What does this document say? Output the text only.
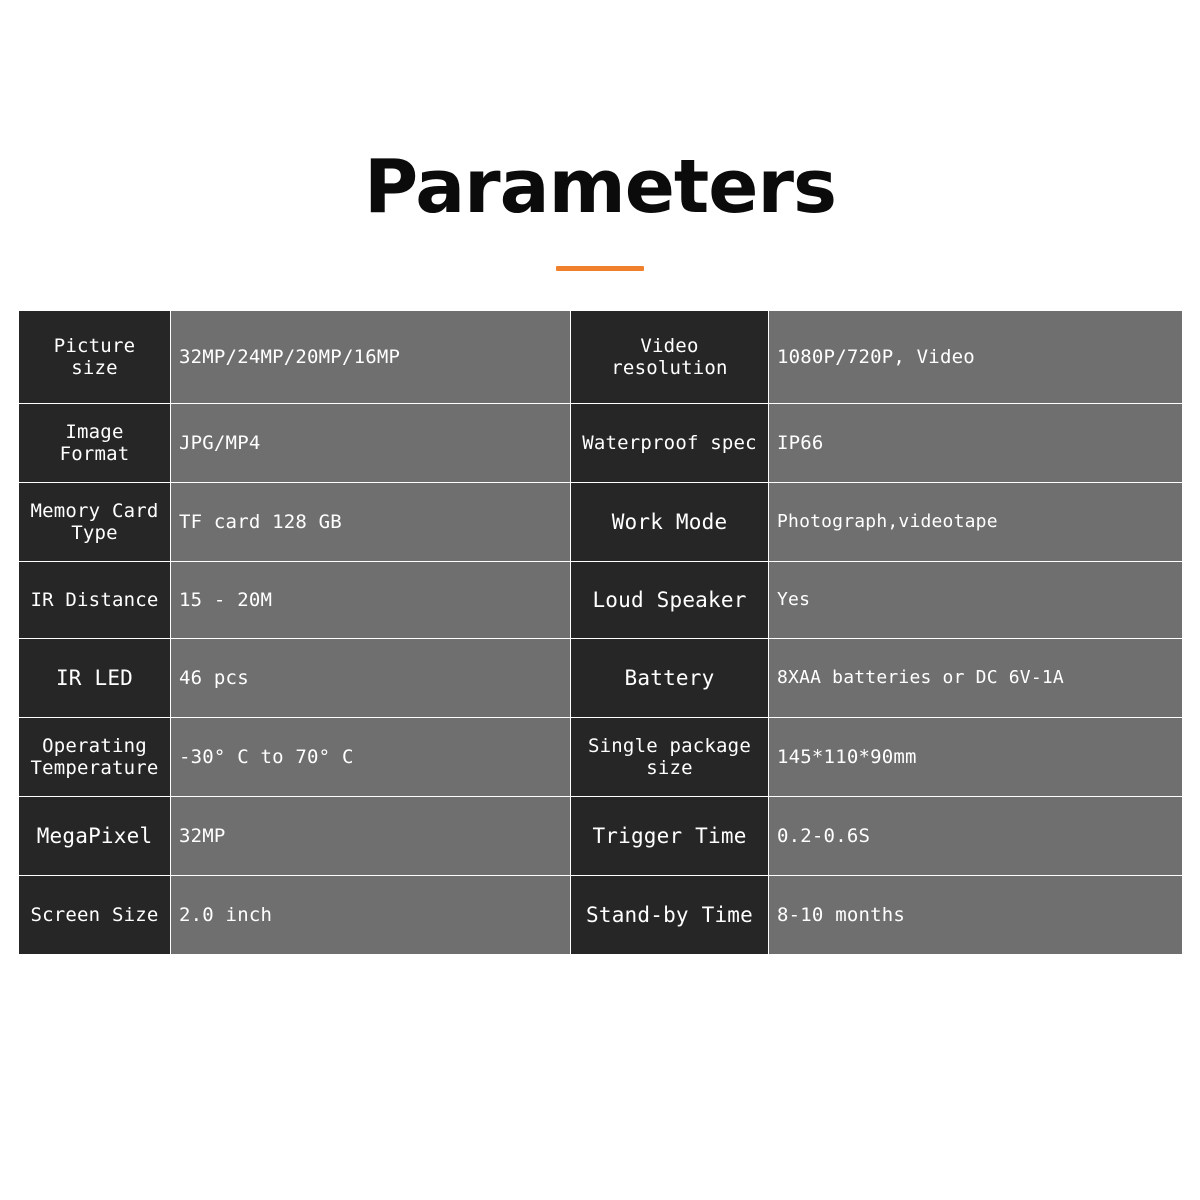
Parameters
Picture size	32MP/24MP/20MP/16MP	Video resolution	1080P/720P, Video
Image Format	JPG/MP4	Waterproof spec	IP66
Memory Card Type	TF card 128 GB	Work Mode	Photograph,videotape
IR Distance	15 - 20M	Loud Speaker	Yes
IR LED	46 pcs	Battery	8XAA batteries or DC 6V-1A
Operating Temperature	-30° C to 70° C	Single package size	145*110*90mm
MegaPixel	32MP	Trigger Time	0.2-0.6S
Screen Size	2.0 inch	Stand-by Time	8-10 months
